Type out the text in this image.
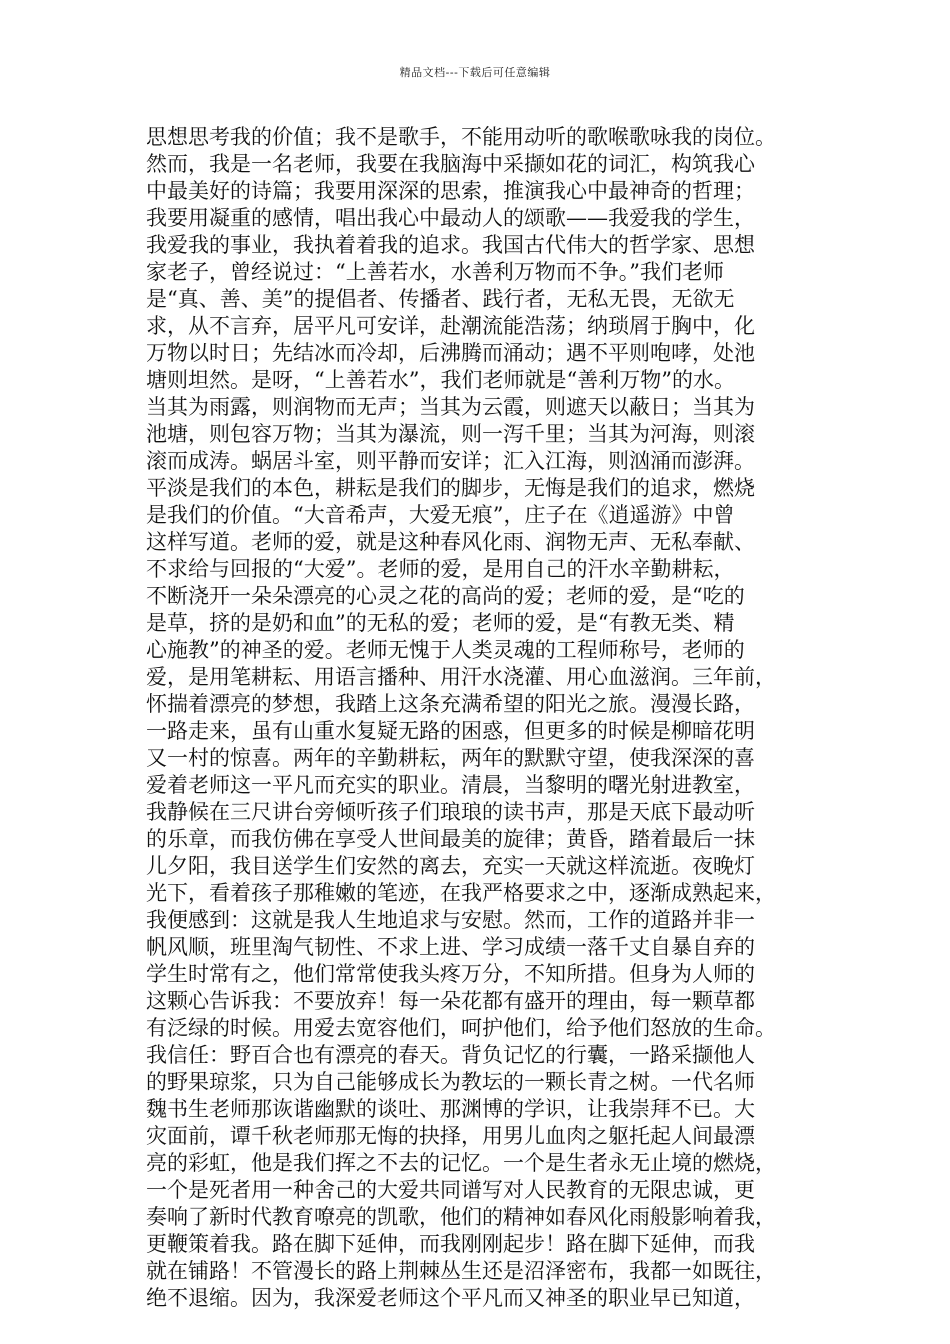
精品文档---下载后可任意编辑
思想思考我的价值；我不是歌手，不能用动听的歌喉歌咏我的岗位。
然而，我是一名老师，我要在我脑海中采撷如花的词汇，构筑我心
中最美好的诗篇；我要用深深的思索，推演我心中最神奇的哲理；
我要用凝重的感情，唱出我心中最动人的颂歌——我爱我的学生，
我爱我的事业，我执着着我的追求。我国古代伟大的哲学家、思想
家老子，曾经说过：“上善若水，水善利万物而不争。”我们老师
是“真、善、美”的提倡者、传播者、践行者，无私无畏，无欲无
求，从不言弃，居平凡可安详，赴潮流能浩荡；纳琐屑于胸中，化
万物以时日；先结冰而冷却，后沸腾而涌动；遇不平则咆哮，处池
塘则坦然。是呀，“上善若水”，我们老师就是“善利万物”的水。
当其为雨露，则润物而无声；当其为云霞，则遮天以蔽日；当其为
池塘，则包容万物；当其为瀑流，则一泻千里；当其为河海，则滚
滚而成涛。蜗居斗室，则平静而安详；汇入江海，则汹涌而澎湃。
平淡是我们的本色，耕耘是我们的脚步，无悔是我们的追求，燃烧
是我们的价值。“大音希声，大爱无痕”，庄子在《逍遥游》中曾
这样写道。老师的爱，就是这种春风化雨、润物无声、无私奉献、
不求给与回报的“大爱”。老师的爱，是用自己的汗水辛勤耕耘，
不断浇开一朵朵漂亮的心灵之花的高尚的爱；老师的爱，是“吃的
是草，挤的是奶和血”的无私的爱；老师的爱，是“有教无类、精
心施教”的神圣的爱。老师无愧于人类灵魂的工程师称号，老师的
爱，是用笔耕耘、用语言播种、用汗水浇灌、用心血滋润。三年前，
怀揣着漂亮的梦想，我踏上这条充满希望的阳光之旅。漫漫长路，
一路走来，虽有山重水复疑无路的困惑，但更多的时候是柳暗花明
又一村的惊喜。两年的辛勤耕耘，两年的默默守望，使我深深的喜
爱着老师这一平凡而充实的职业。清晨，当黎明的曙光射进教室，
我静候在三尺讲台旁倾听孩子们琅琅的读书声，那是天底下最动听
的乐章，而我仿佛在享受人世间最美的旋律；黄昏，踏着最后一抹
儿夕阳，我目送学生们安然的离去，充实一天就这样流逝。夜晚灯
光下，看着孩子那稚嫩的笔迹，在我严格要求之中，逐渐成熟起来，
我便感到：这就是我人生地追求与安慰。然而，工作的道路并非一
帆风顺，班里淘气韧性、不求上进、学习成绩一落千丈自暴自弃的
学生时常有之，他们常常使我头疼万分，不知所措。但身为人师的
这颗心告诉我：不要放弃！每一朵花都有盛开的理由，每一颗草都
有泛绿的时候。用爱去宽容他们，呵护他们，给予他们怒放的生命。
我信任：野百合也有漂亮的春天。背负记忆的行囊，一路采撷他人
的野果琼浆，只为自己能够成长为教坛的一颗长青之树。一代名师
魏书生老师那诙谐幽默的谈吐、那渊博的学识，让我崇拜不已。大
灾面前，谭千秋老师那无悔的抉择，用男儿血肉之躯托起人间最漂
亮的彩虹，他是我们挥之不去的记忆。一个是生者永无止境的燃烧，
一个是死者用一种舍己的大爱共同谱写对人民教育的无限忠诚，更
奏响了新时代教育嘹亮的凯歌，他们的精神如春风化雨般影响着我，
更鞭策着我。路在脚下延伸，而我刚刚起步！路在脚下延伸，而我
就在铺路！不管漫长的路上荆棘丛生还是沼泽密布，我都一如既往，
绝不退缩。因为，我深爱老师这个平凡而又神圣的职业早已知道，
